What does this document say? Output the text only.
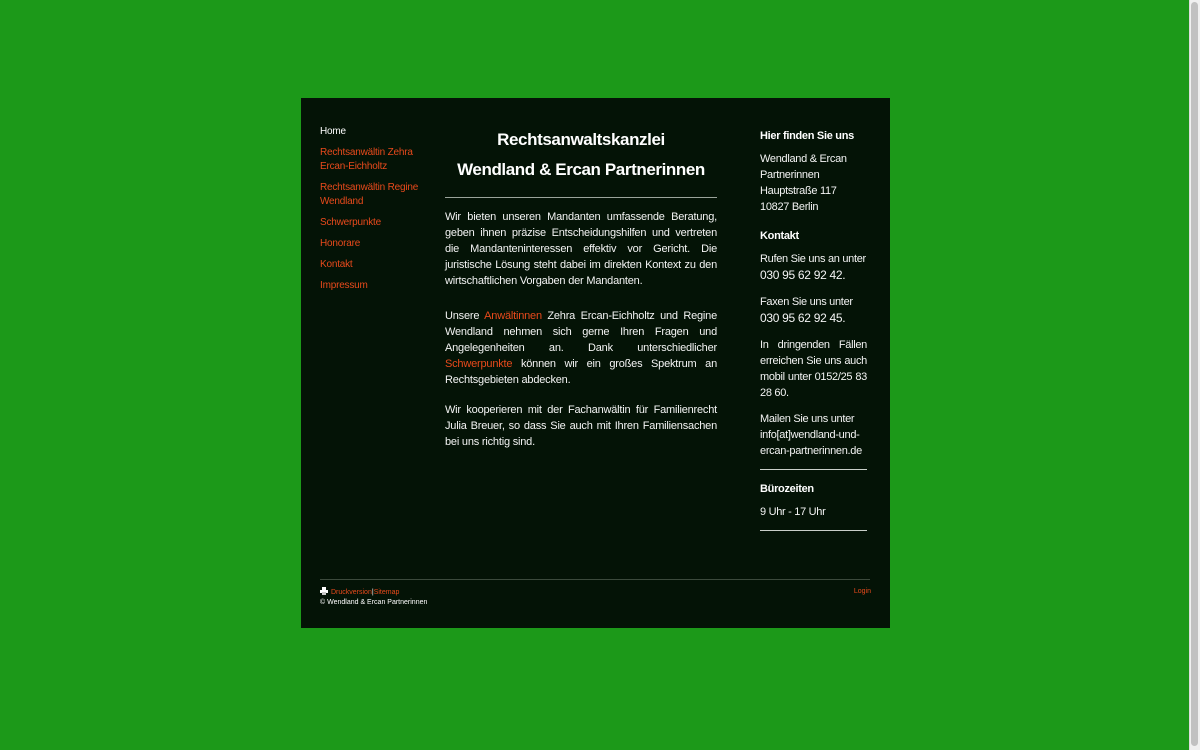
Home
Rechtsanwältin Zehra Ercan-Eichholtz
Rechtsanwältin Regine Wendland
Schwerpunkte
Honorare
Kontakt
Impressum
Rechtsanwaltskanzlei
Wendland & Ercan Partnerinnen

Wir bieten unseren Mandanten umfassende Beratung, geben ihnen präzise Entscheidungshilfen und vertreten die Mandanteninteressen effektiv vor Gericht. Die juristische Lösung steht dabei im direkten Kontext zu den wirtschaftlichen Vorgaben der Mandanten.

Unsere Anwältinnen Zehra Ercan-Eichholtz und Regine Wendland nehmen sich gerne Ihren Fragen und Angelegenheiten an. Dank unterschiedlicher Schwerpunkte können wir ein großes Spektrum an Rechtsgebieten abdecken.

Wir kooperieren mit der Fachanwältin für Familienrecht Julia Breuer, so dass Sie auch mit Ihren Familiensachen bei uns richtig sind.

Hier finden Sie uns

Wendland & Ercan Partnerinnen
Hauptstraße 117
10827 Berlin

Kontakt

Rufen Sie uns an unter
030 95 62 92 42.

Faxen Sie uns unter
030 95 62 92 45.

In dringenden Fällen erreichen Sie uns auch mobil unter 0152/25 83 28 60.

Mailen Sie uns unter
info[at]wendland-und-ercan-partnerinnen.de

Bürozeiten

9 Uhr - 17 Uhr

Druckversion|Sitemap
© Wendland & Ercan Partnerinnen
Login
